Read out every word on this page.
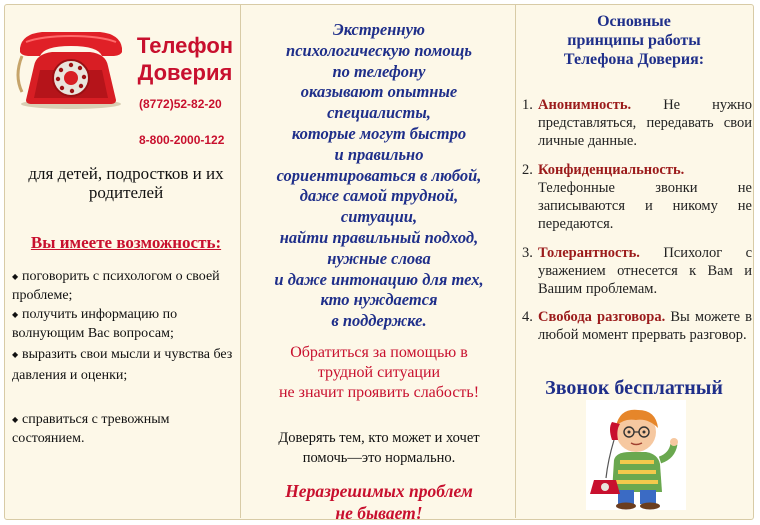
Телефон
Доверия
(8772)52-82-20
8-800-2000-122
для детей, подростков и их родителей
Вы имеете возможность:
◆ поговорить с психологом о своей проблеме;
◆ получить информацию по волнующим Вас вопросам;
◆ выразить свои мысли и чувства без давления и оценки;
◆ справиться с тревожным состоянием.
Экстренную
психологическую помощь
по телефону
оказывают опытные
специалисты,
которые могут быстро
и правильно
сориентироваться в любой,
даже самой трудной,
ситуации,
найти правильный подход,
нужные слова
и даже интонацию для тех,
кто нуждается
в поддержке.
Обратиться за помощью в
трудной ситуации
не значит проявить слабость!
Доверять тем, кто может и хочет
помочь—это нормально.
Неразрешимых проблем
не бывает!
Основные
принципы работы
Телефона Доверия:
1. Анонимность. Не нужно представляться, передавать свои личные данные.
2. Конфиденциальность. Телефонные звонки не записываются и никому не передаются.
3. Толерантность. Психолог с уважением отнесется к Вам и Вашим проблемам.
4. Свобода разговора. Вы можете в любой момент прервать разговор.
Звонок бесплатный
